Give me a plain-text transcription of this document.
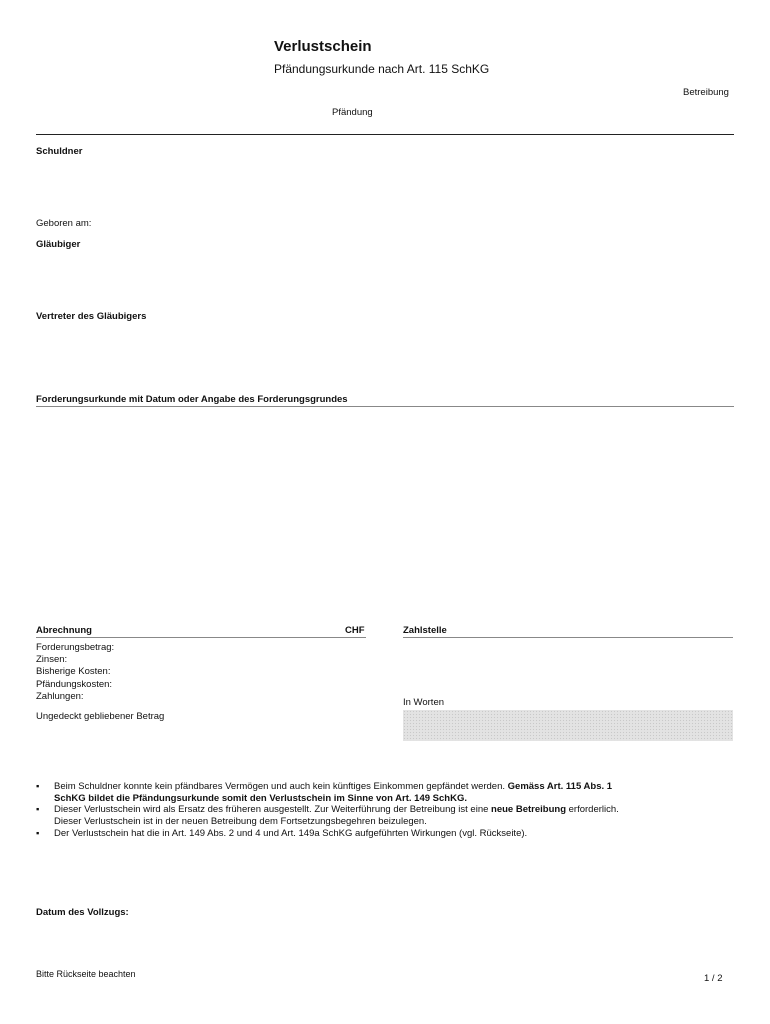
Verlustschein
Pfändungsurkunde nach Art. 115 SchKG
Betreibung
Pfändung
Schuldner
Geboren am:
Gläubiger
Vertreter des Gläubigers
Forderungsurkunde mit Datum oder Angabe des Forderungsgrundes
Abrechnung	CHF
Forderungsbetrag:
Zinsen:
Bisherige Kosten:
Pfändungskosten:
Zahlungen:
Ungedeckt gebliebener Betrag
Zahlstelle
In Worten
▪ Beim Schuldner konnte kein pfändbares Vermögen und auch kein künftiges Einkommen gepfändet werden. Gemäss Art. 115 Abs. 1
SchKG bildet die Pfändungsurkunde somit den Verlustschein im Sinne von Art. 149 SchKG.
▪ Dieser Verlustschein wird als Ersatz des früheren ausgestellt. Zur Weiterführung der Betreibung ist eine neue Betreibung erforderlich.
Dieser Verlustschein ist in der neuen Betreibung dem Fortsetzungsbegehren beizulegen.
▪ Der Verlustschein hat die in Art. 149 Abs. 2 und 4 und Art. 149a SchKG aufgeführten Wirkungen (vgl. Rückseite).
Datum des Vollzugs:
Bitte Rückseite beachten	1 / 2
